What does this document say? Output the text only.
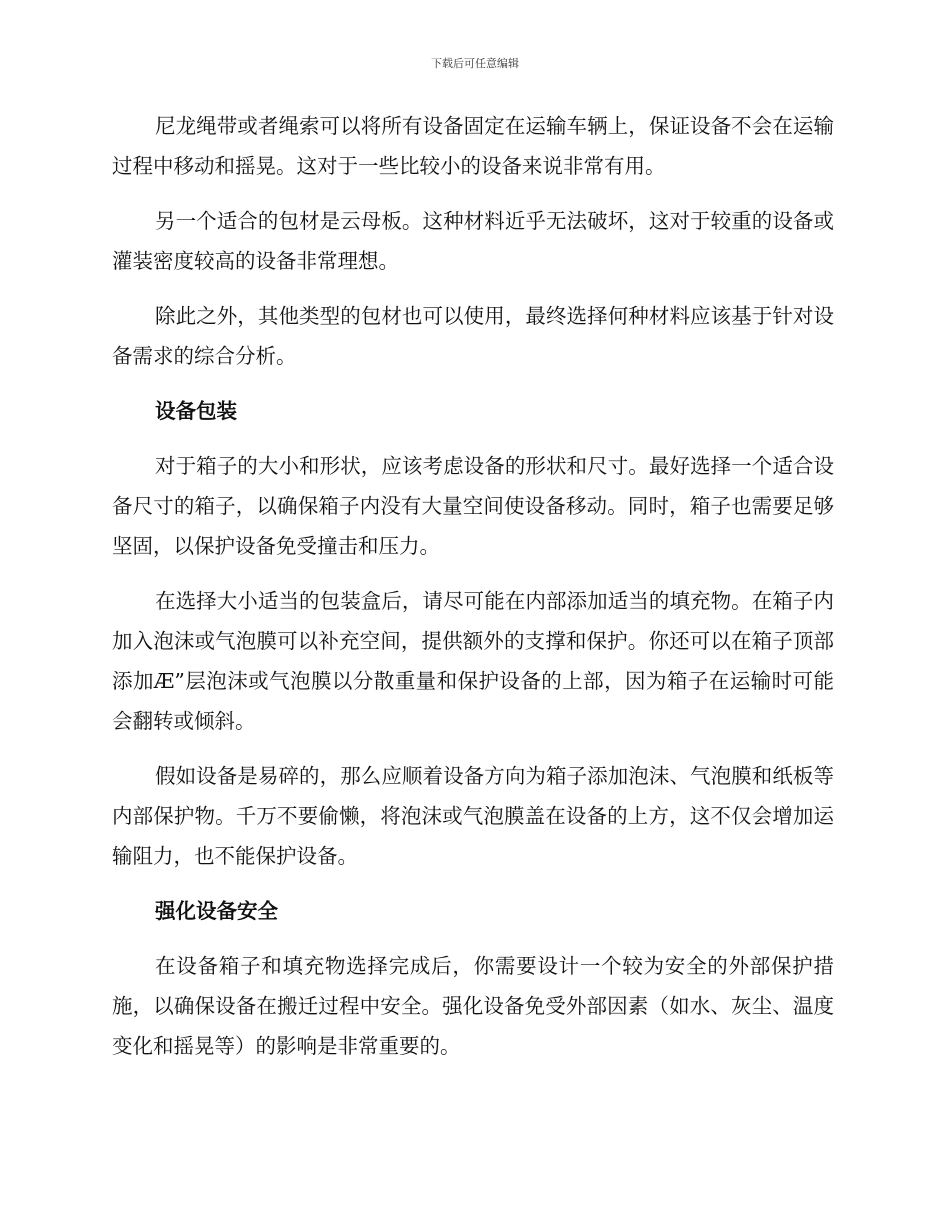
下载后可任意编辑

尼龙绳带或者绳索可以将所有设备固定在运输车辆上，保证设备不会在运输过程中移动和摇晃。这对于一些比较小的设备来说非常有用。

另一个适合的包材是云母板。这种材料近乎无法破坏，这对于较重的设备或灌装密度较高的设备非常理想。

除此之外，其他类型的包材也可以使用，最终选择何种材料应该基于针对设备需求的综合分析。

设备包装

对于箱子的大小和形状，应该考虑设备的形状和尺寸。最好选择一个适合设备尺寸的箱子，以确保箱子内没有大量空间使设备移动。同时，箱子也需要足够坚固，以保护设备免受撞击和压力。

在选择大小适当的包装盒后，请尽可能在内部添加适当的填充物。在箱子内加入泡沫或气泡膜可以补充空间，提供额外的支撑和保护。你还可以在箱子顶部添加Æ”层泡沫或气泡膜以分散重量和保护设备的上部，因为箱子在运输时可能会翻转或倾斜。

假如设备是易碎的，那么应顺着设备方向为箱子添加泡沫、气泡膜和纸板等内部保护物。千万不要偷懒，将泡沫或气泡膜盖在设备的上方，这不仅会增加运输阻力，也不能保护设备。

强化设备安全

在设备箱子和填充物选择完成后，你需要设计一个较为安全的外部保护措施，以确保设备在搬迁过程中安全。强化设备免受外部因素（如水、灰尘、温度变化和摇晃等）的影响是非常重要的。
